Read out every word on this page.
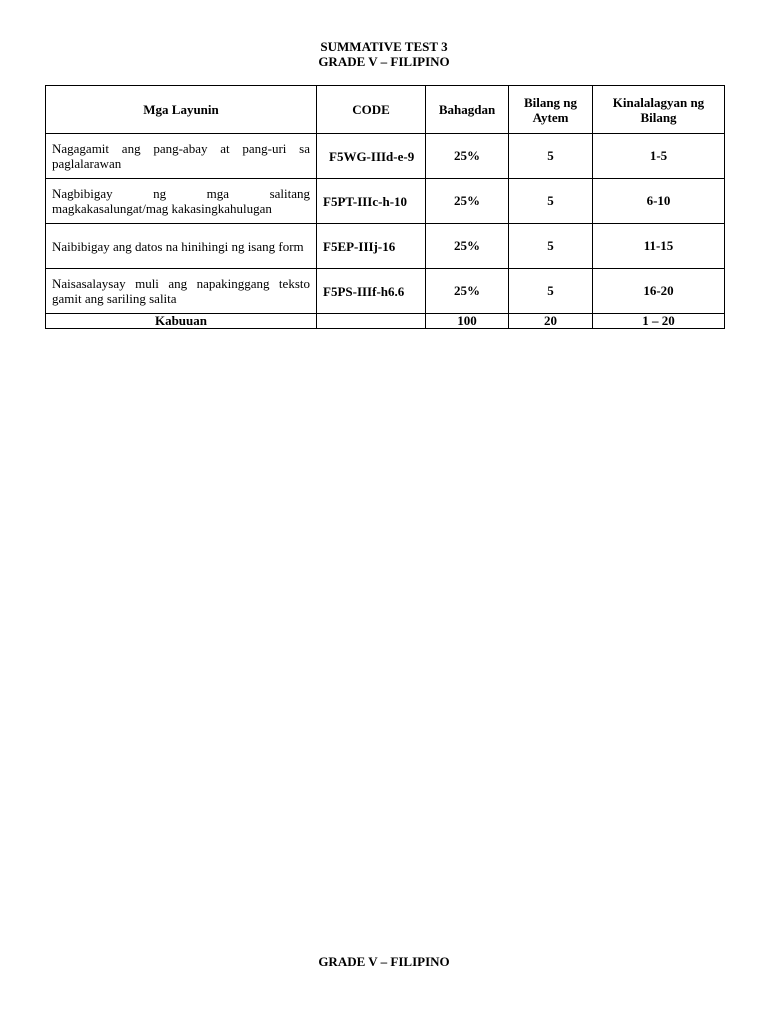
SUMMATIVE TEST 3
GRADE V – FILIPINO
Mga Layunin	CODE	Bahagdan	Bilang ng Aytem	Kinalalagyan ng Bilang
Nagagamit ang pang-abay at pang-uri sa paglalarawan	F5WG-IIId-e-9	25%	5	1-5
Nagbibigay ng mga salitang magkakasalungat/mag kakasingkahulugan	F5PT-IIIc-h-10	25%	5	6-10
Naibibigay ang datos na hinihingi ng isang form	F5EP-IIIj-16	25%	5	11-15
Naisasalaysay muli ang napakinggang teksto gamit ang sariling salita	F5PS-IIIf-h6.6	25%	5	16-20
Kabuuan		100	20	1 – 20
GRADE V – FILIPINO
